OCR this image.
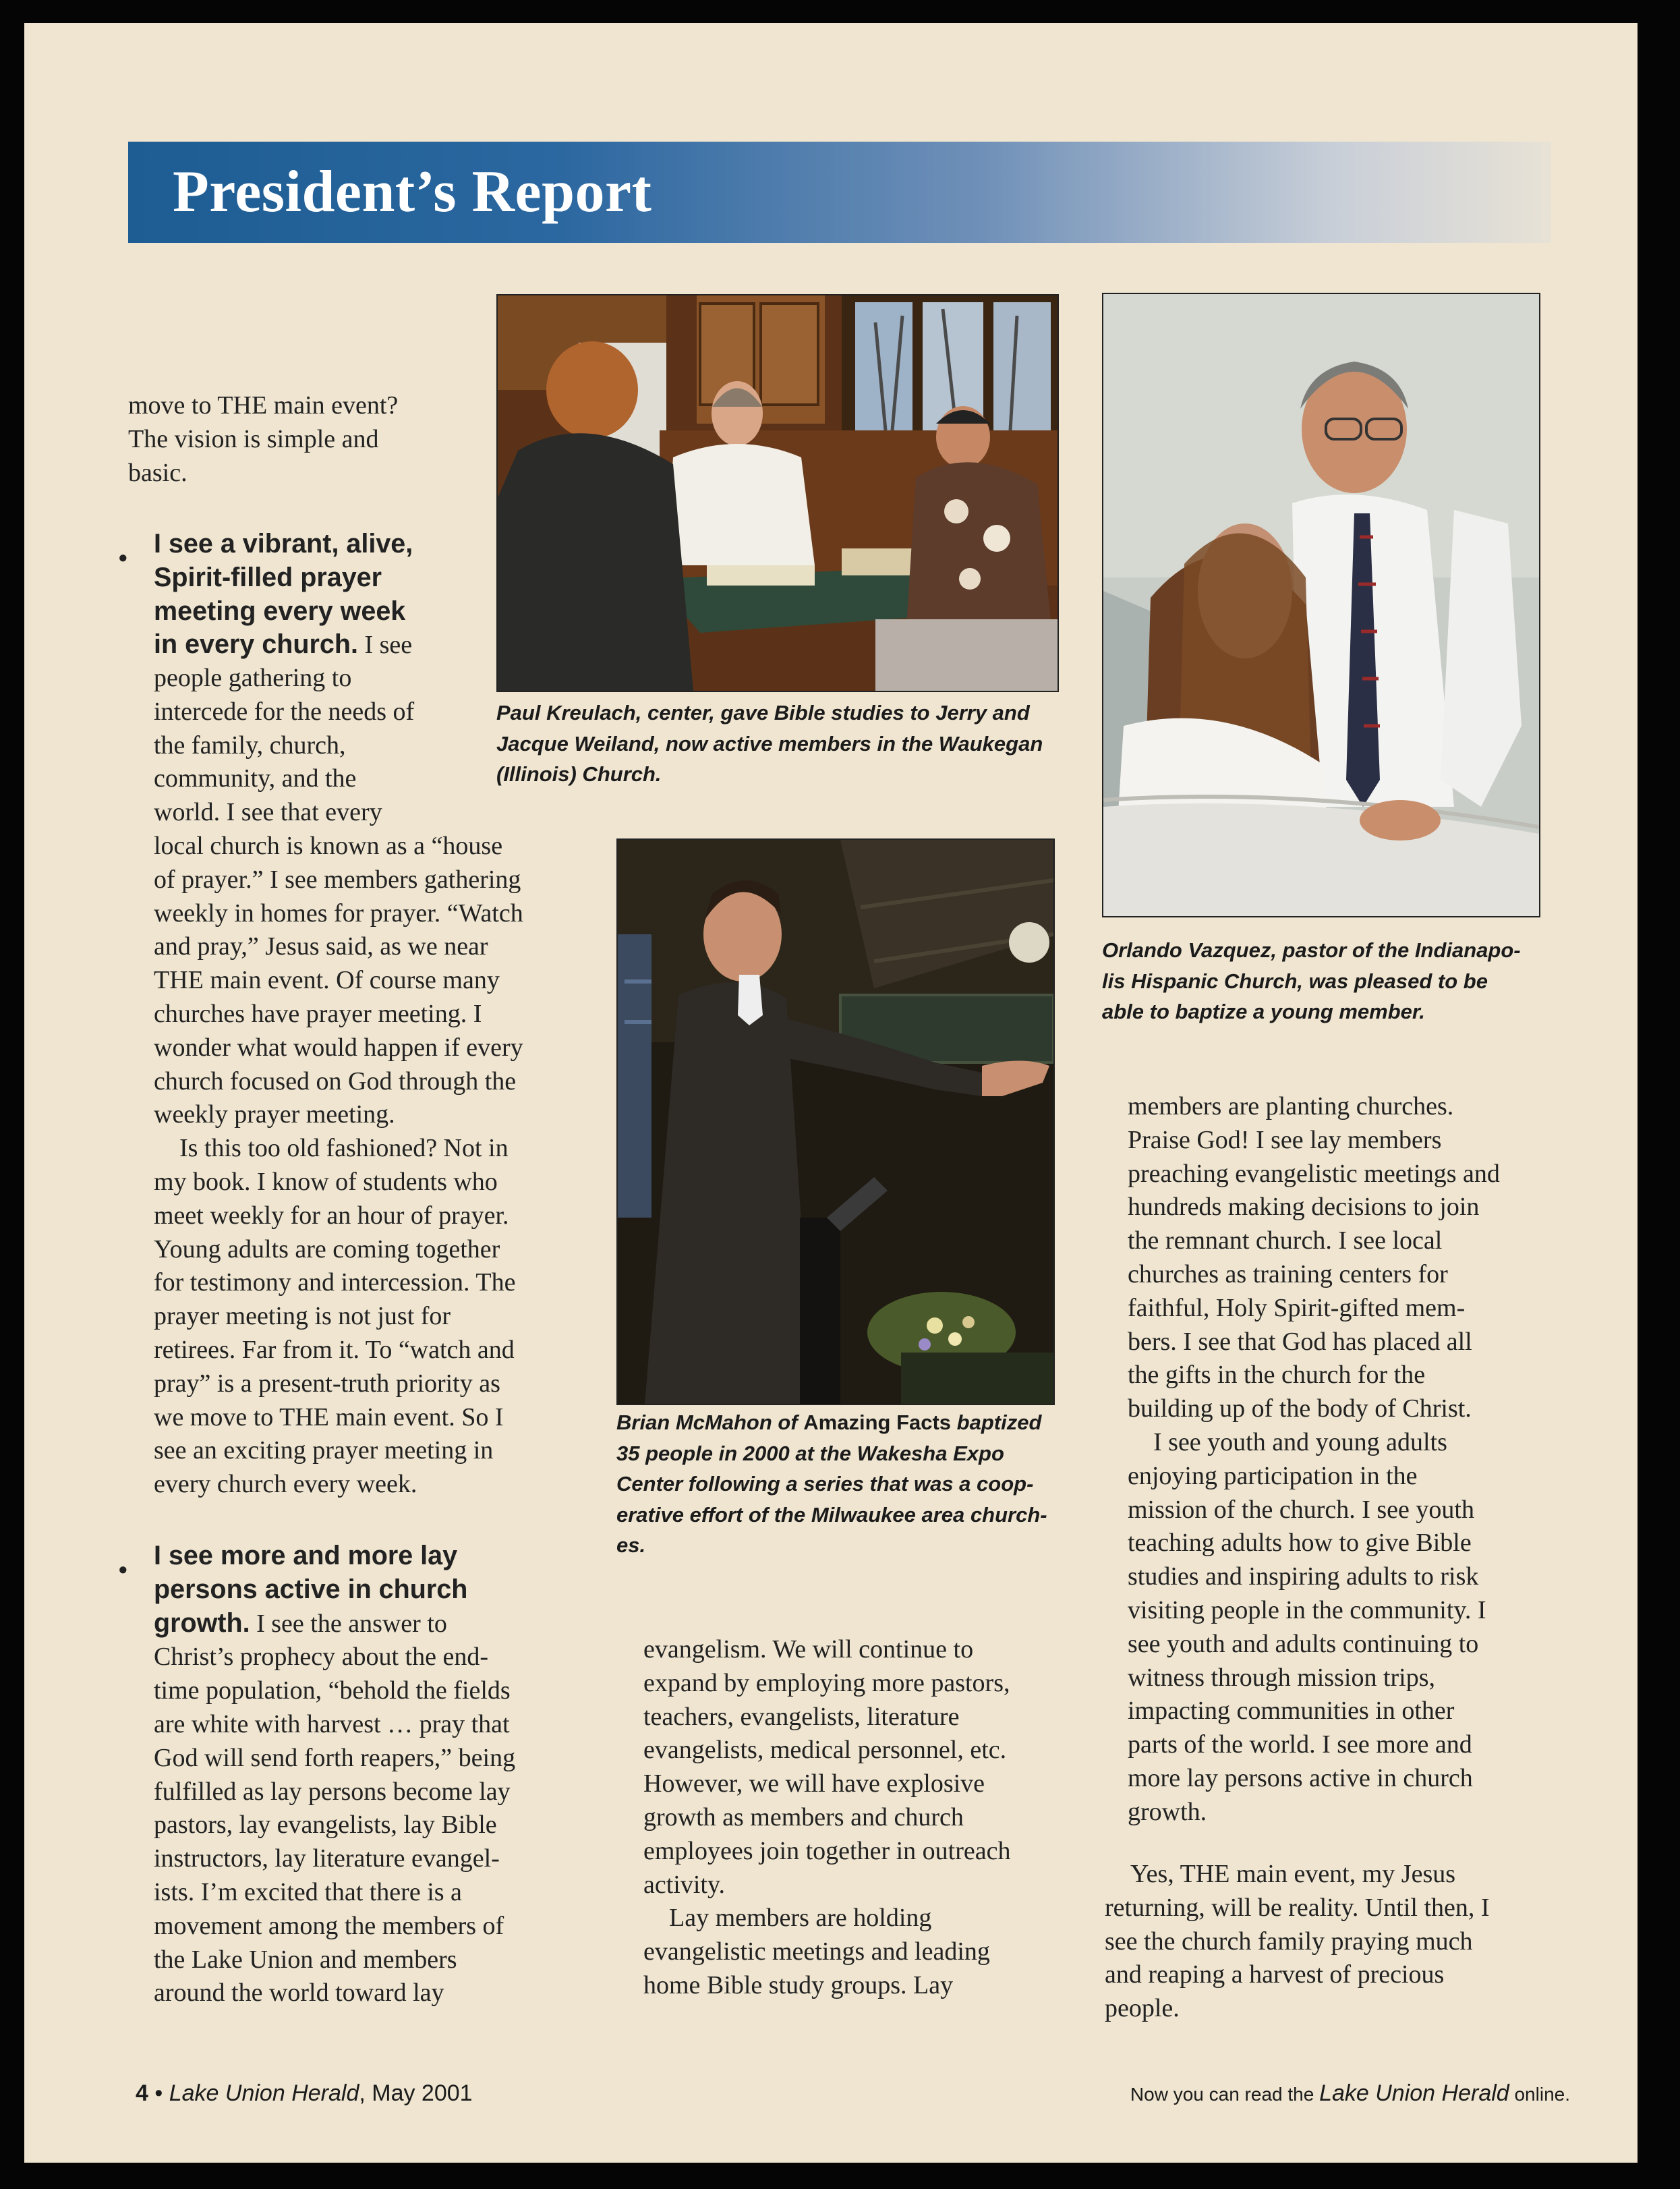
President’s Report

move to THE main event?

The vision is simple and

basic.

• I see a vibrant, alive,

Spirit-filled prayer

meeting every week

in every church. I see

people gathering to

intercede for the needs of

the family, church,

community, and the

world. I see that every

local church is known as a “house

of prayer.” I see members gathering

weekly in homes for prayer. “Watch

and pray,” Jesus said, as we near

THE main event. Of course many

churches have prayer meeting. I

wonder what would happen if every

church focused on God through the

weekly prayer meeting.

Is this too old fashioned? Not in

my book. I know of students who

meet weekly for an hour of prayer.

Young adults are coming together

for testimony and intercession. The

prayer meeting is not just for

retirees. Far from it. To “watch and

pray” is a present-truth priority as

we move to THE main event. So I

see an exciting prayer meeting in

every church every week.

• I see more and more lay

persons active in church

growth. I see the answer to

Christ’s prophecy about the end-

time population, “behold the fields

are white with harvest … pray that

God will send forth reapers,” being

fulfilled as lay persons become lay

pastors, lay evangelists, lay Bible

instructors, lay literature evangel-

ists. I’m excited that there is a

movement among the members of

the Lake Union and members

around the world toward lay

Paul Kreulach, center, gave Bible studies to Jerry and
Jacque Weiland, now active members in the Waukegan
(Illinois) Church.
Orlando Vazquez, pastor of the Indianapo-
lis Hispanic Church, was pleased to be
able to baptize a young member.
Brian McMahon of Amazing Facts baptized
35 people in 2000 at the Wakesha Expo
Center following a series that was a coop-
erative effort of the Milwaukee area church-
es.

evangelism. We will continue to

expand by employing more pastors,

teachers, evangelists, literature

evangelists, medical personnel, etc.

However, we will have explosive

growth as members and church

employees join together in outreach

activity.

Lay members are holding

evangelistic meetings and leading

home Bible study groups. Lay

members are planting churches.

Praise God! I see lay members

preaching evangelistic meetings and

hundreds making decisions to join

the remnant church. I see local

churches as training centers for

faithful, Holy Spirit-gifted mem-

bers. I see that God has placed all

the gifts in the church for the

building up of the body of Christ.

I see youth and young adults

enjoying participation in the

mission of the church. I see youth

teaching adults how to give Bible

studies and inspiring adults to risk

visiting people in the community. I

see youth and adults continuing to

witness through mission trips,

impacting communities in other

parts of the world. I see more and

more lay persons active in church

growth.

Yes, THE main event, my Jesus

returning, will be reality. Until then, I

see the church family praying much

and reaping a harvest of precious

people.

4 • Lake Union Herald, May 2001	Now you can read the Lake Union Herald online.
